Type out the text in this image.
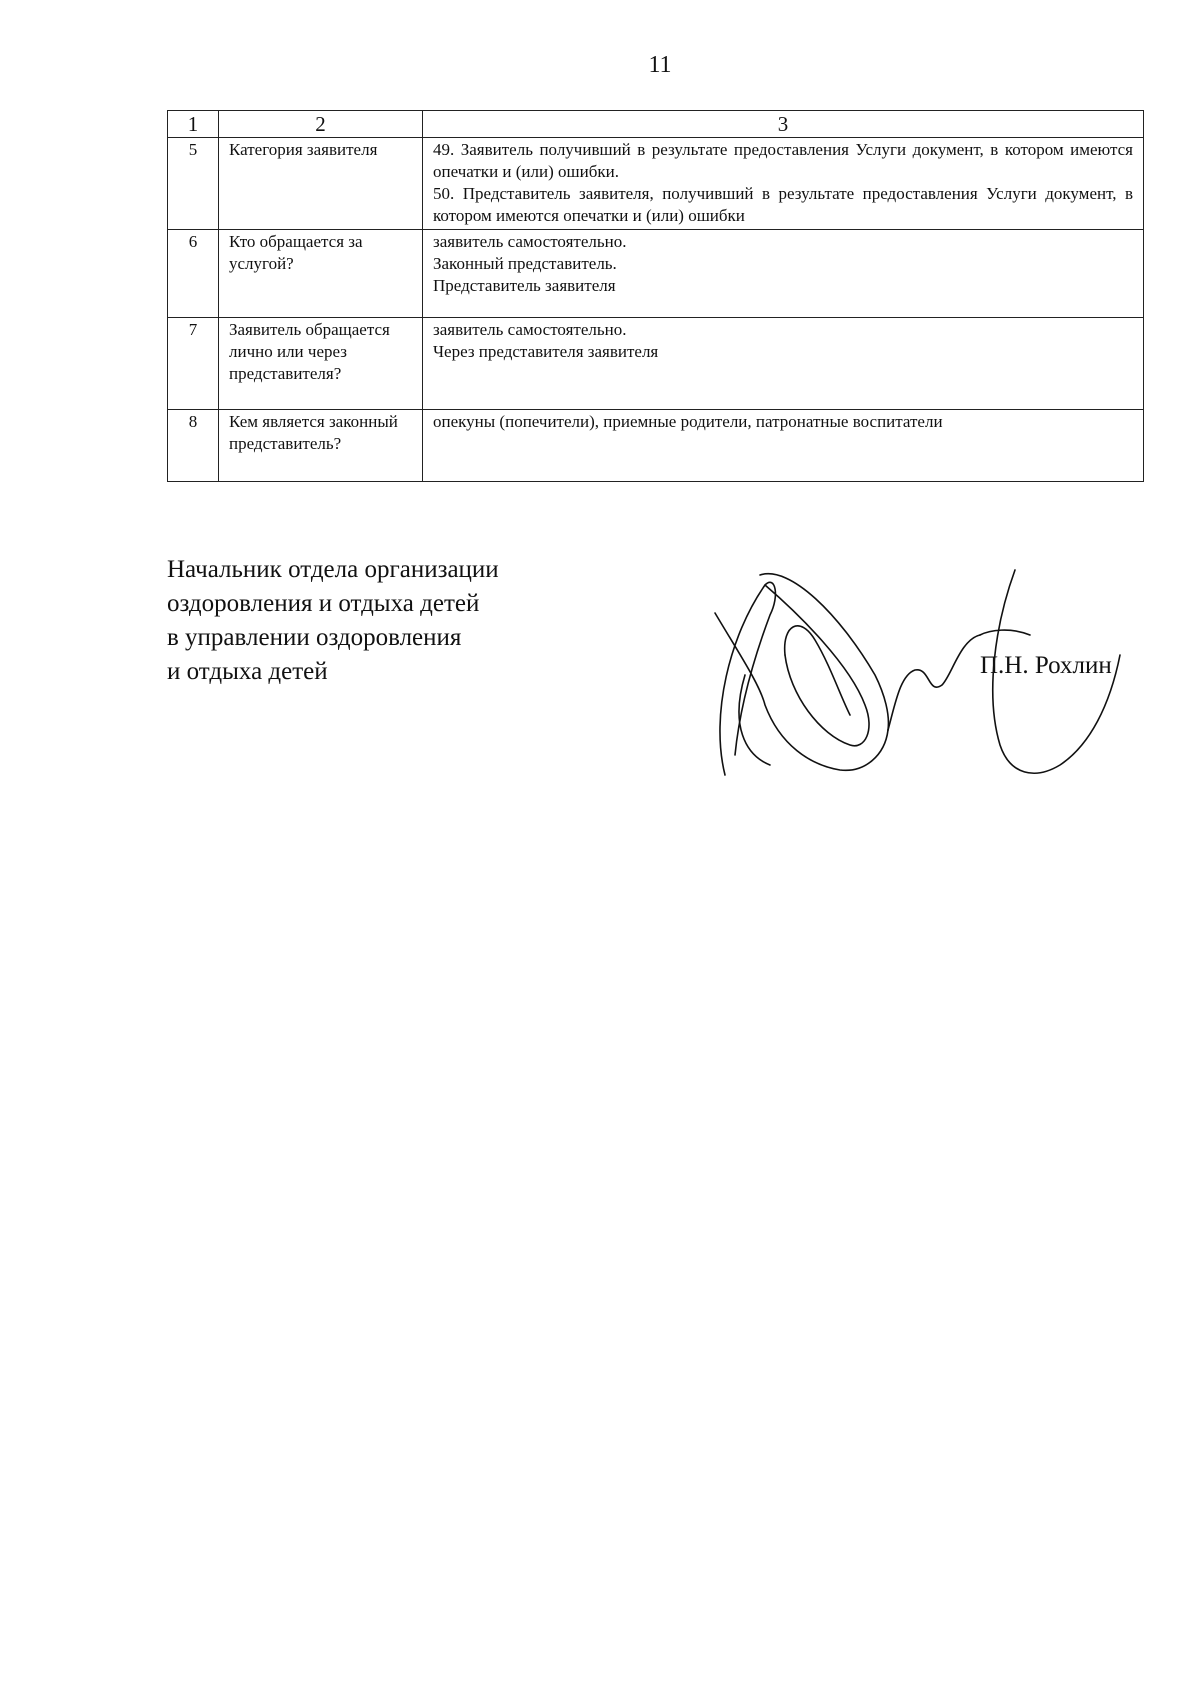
11
1	2	3
5	Категория заявителя	49. Заявитель получивший в результате предоставления Услуги документ, в котором имеются опечатки и (или) ошибки.

50. Представитель заявителя, получивший в результате предоставления Услуги документ, в котором имеются опечатки и (или) ошибки

6	Кто обращается за услугой?	заявитель самостоятельно.

Законный представитель.

Представитель заявителя

7	Заявитель обращается лично или через представителя?	заявитель самостоятельно.

Через представителя заявителя

8	Кем является законный представитель?	опекуны (попечители), приемные родители, патронатные воспитатели

Начальник отдела организации
оздоровления и отдыха детей
в управлении оздоровления
и отдыха детей	П.Н. Рохлин
